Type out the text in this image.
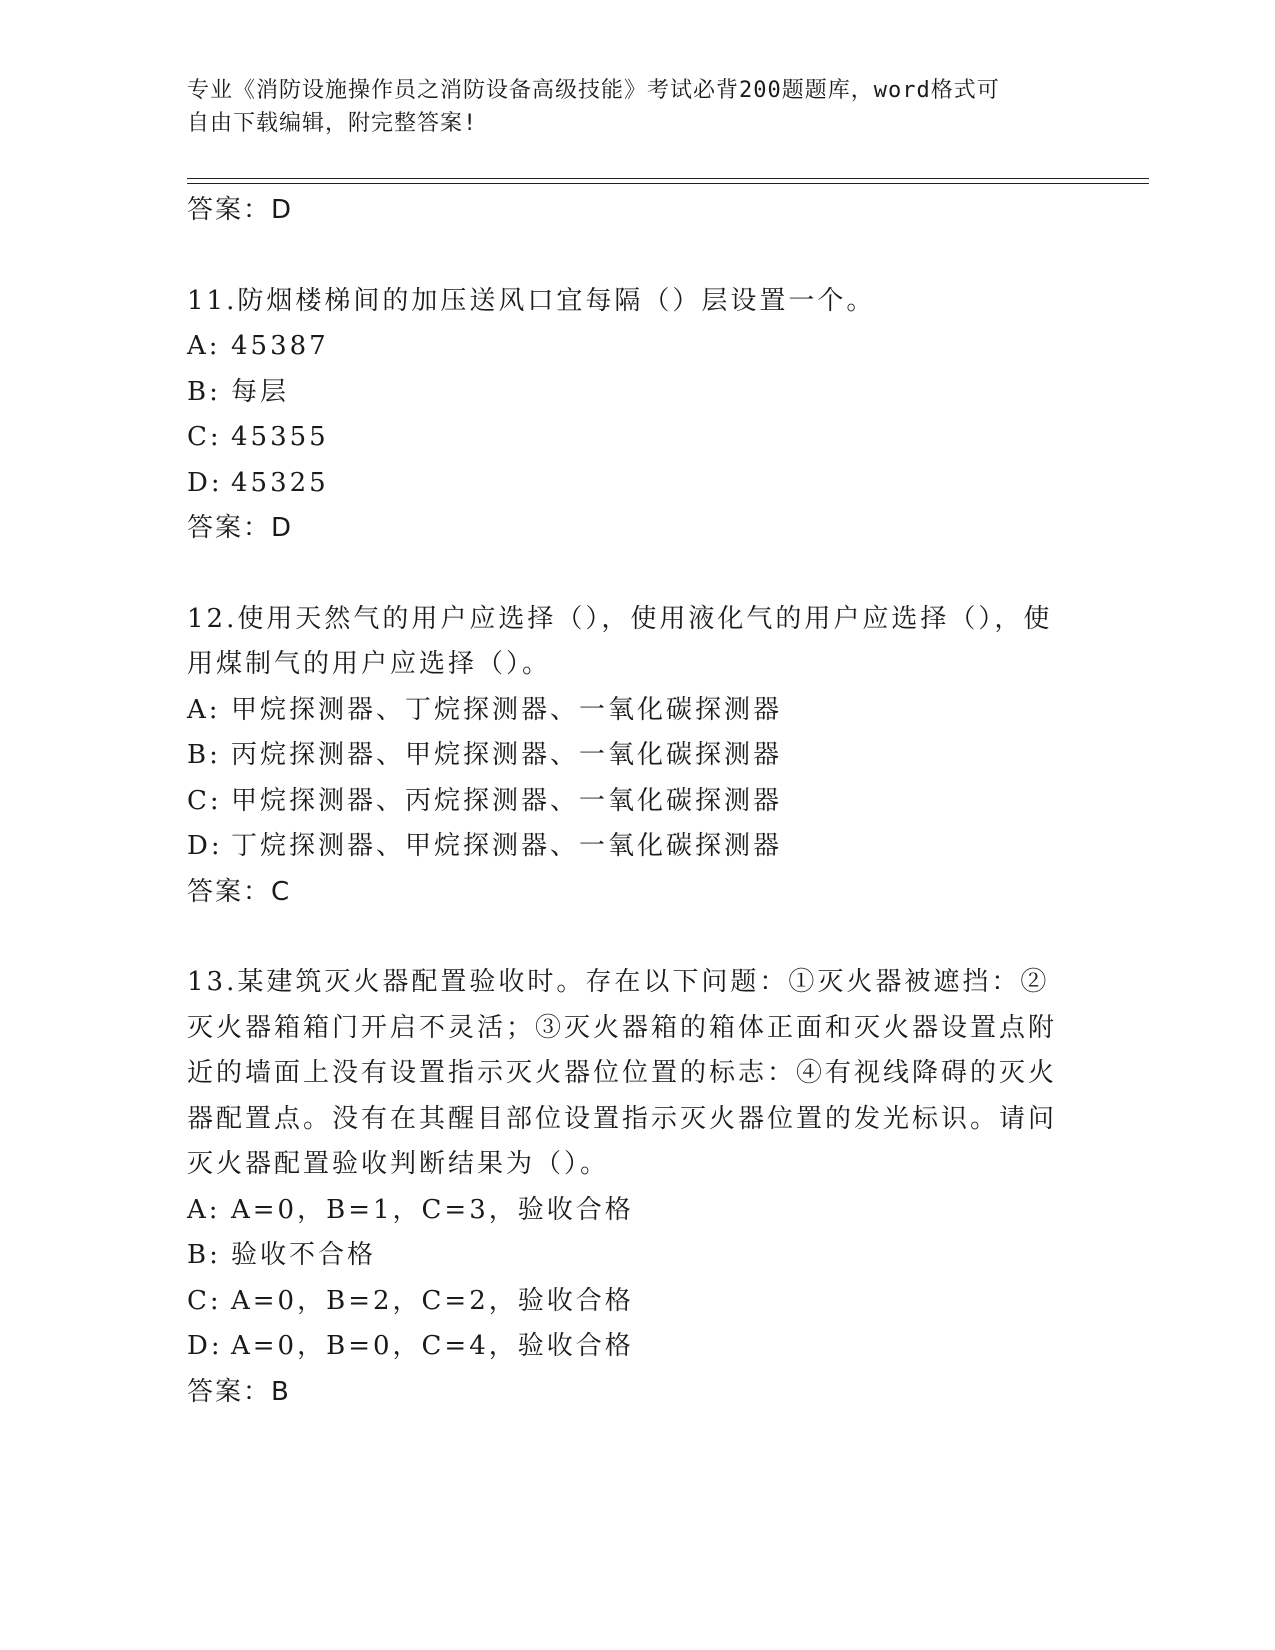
专业《消防设施操作员之消防设备高级技能》考试必背200题题库，word格式可
自由下载编辑，附完整答案!
答案：D
11.防烟楼梯间的加压送风口宜每隔（）层设置一个。
A: 45387
B: 每层
C: 45355
D: 45325
答案：D
12.使用天然气的用户应选择（），使用液化气的用户应选择（），使用煤制气的用户应选择（）。
A: 甲烷探测器、丁烷探测器、一氧化碳探测器
B: 丙烷探测器、甲烷探测器、一氧化碳探测器
C: 甲烷探测器、丙烷探测器、一氧化碳探测器
D: 丁烷探测器、甲烷探测器、一氧化碳探测器
答案：C
13.某建筑灭火器配置验收时。存在以下问题：①灭火器被遮挡：②灭火器箱箱门开启不灵活；③灭火器箱的箱体正面和灭火器设置点附近的墙面上没有设置指示灭火器位位置的标志：④有视线降碍的灭火器配置点。没有在其醒目部位设置指示灭火器位置的发光标识。请问灭火器配置验收判断结果为（）。
A: A=0，B=1，C=3，验收合格
B: 验收不合格
C: A=0，B=2，C=2，验收合格
D: A=0，B=0，C=4，验收合格
答案：B
